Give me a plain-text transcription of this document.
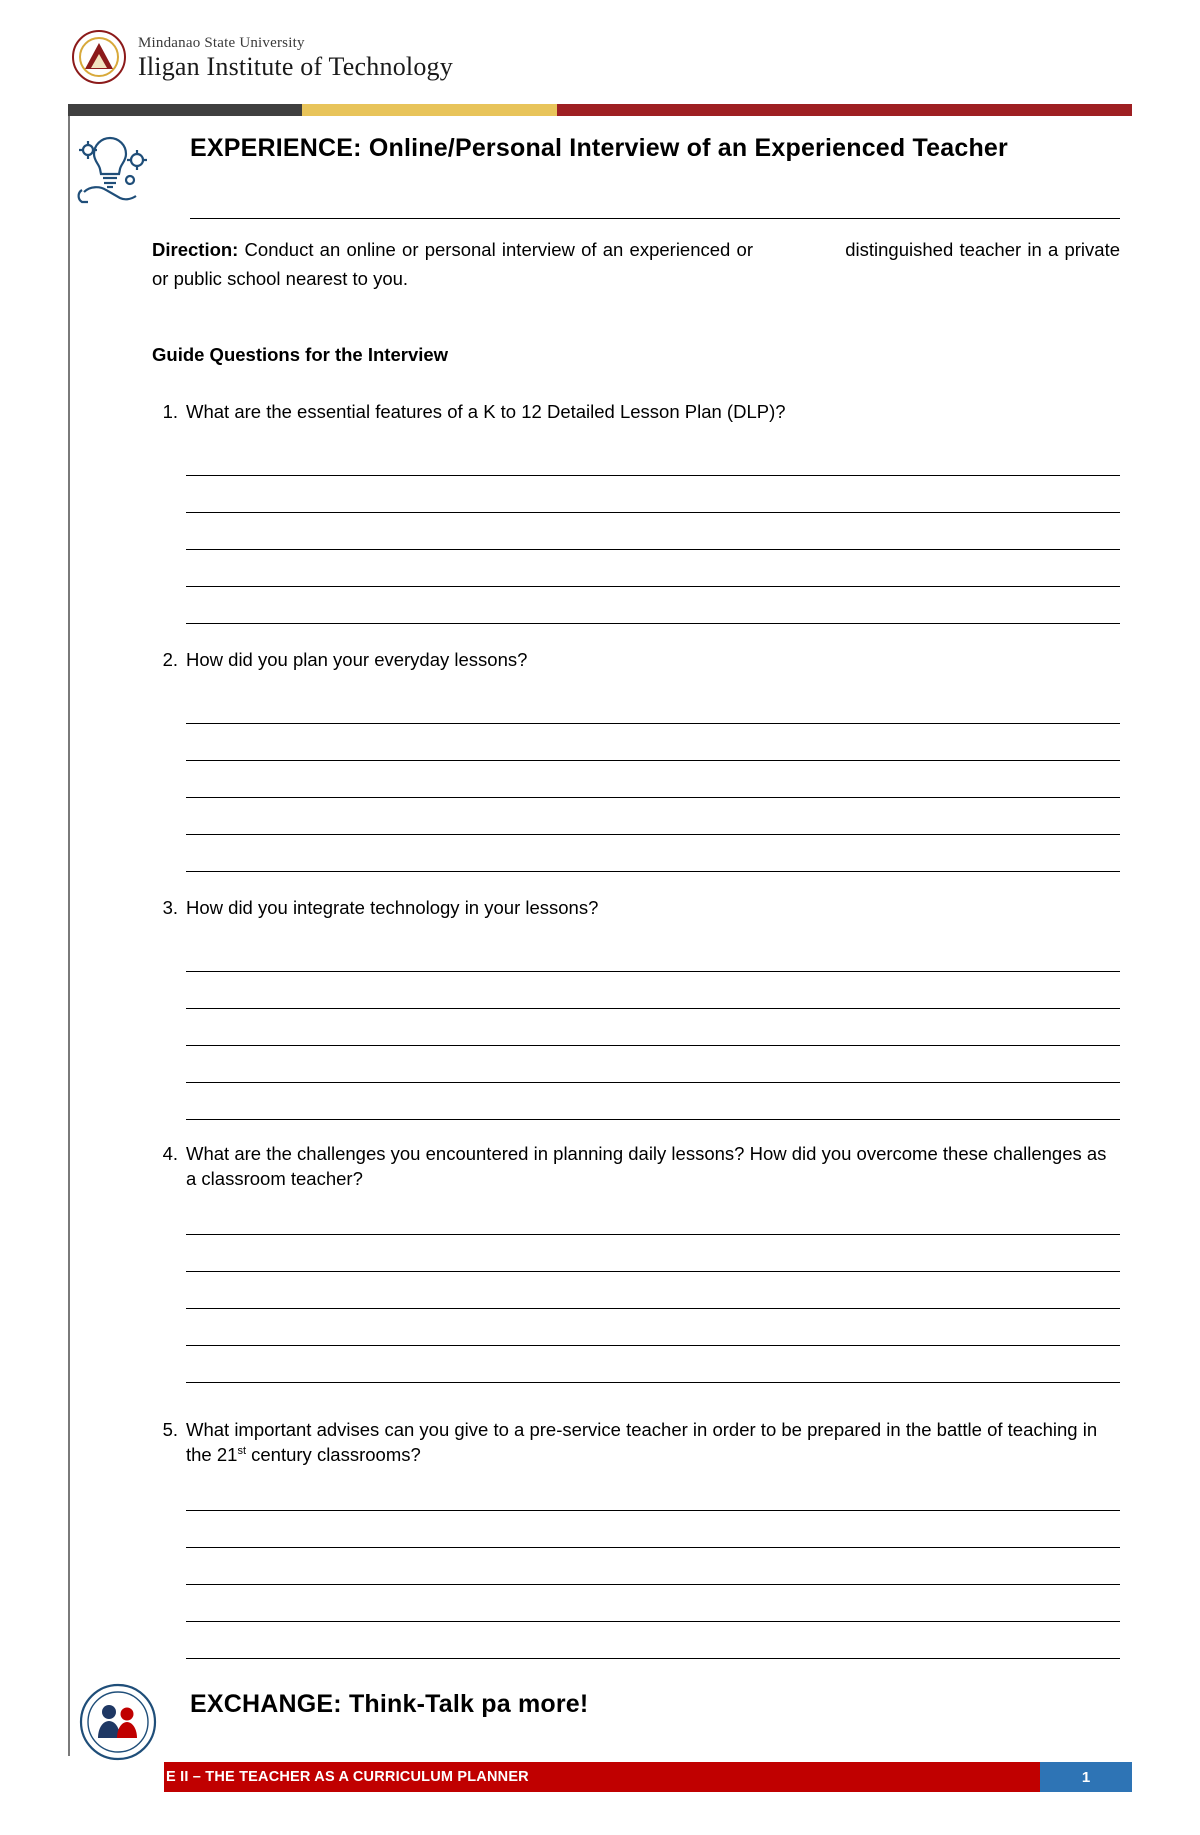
Mindanao State University
Iligan Institute of Technology
EXPERIENCE: Online/Personal Interview of an Experienced Teacher
Direction: Conduct an online or personal interview of an experienced or	distinguished teacher in a private or public school nearest to you.
Guide Questions for the Interview
1. What are the essential features of a K to 12 Detailed Lesson Plan (DLP)?
2. How did you plan your everyday lessons?
3. How did you integrate technology in your lessons?
4. What are the challenges you encountered in planning daily lessons? How did you overcome these challenges as a classroom teacher?
5. What important advises can you give to a pre-service teacher in order to be prepared in the battle of teaching in the 21st century classrooms?
EXCHANGE: Think-Talk pa more!
E II – THE TEACHER AS A CURRICULUM PLANNER	1
